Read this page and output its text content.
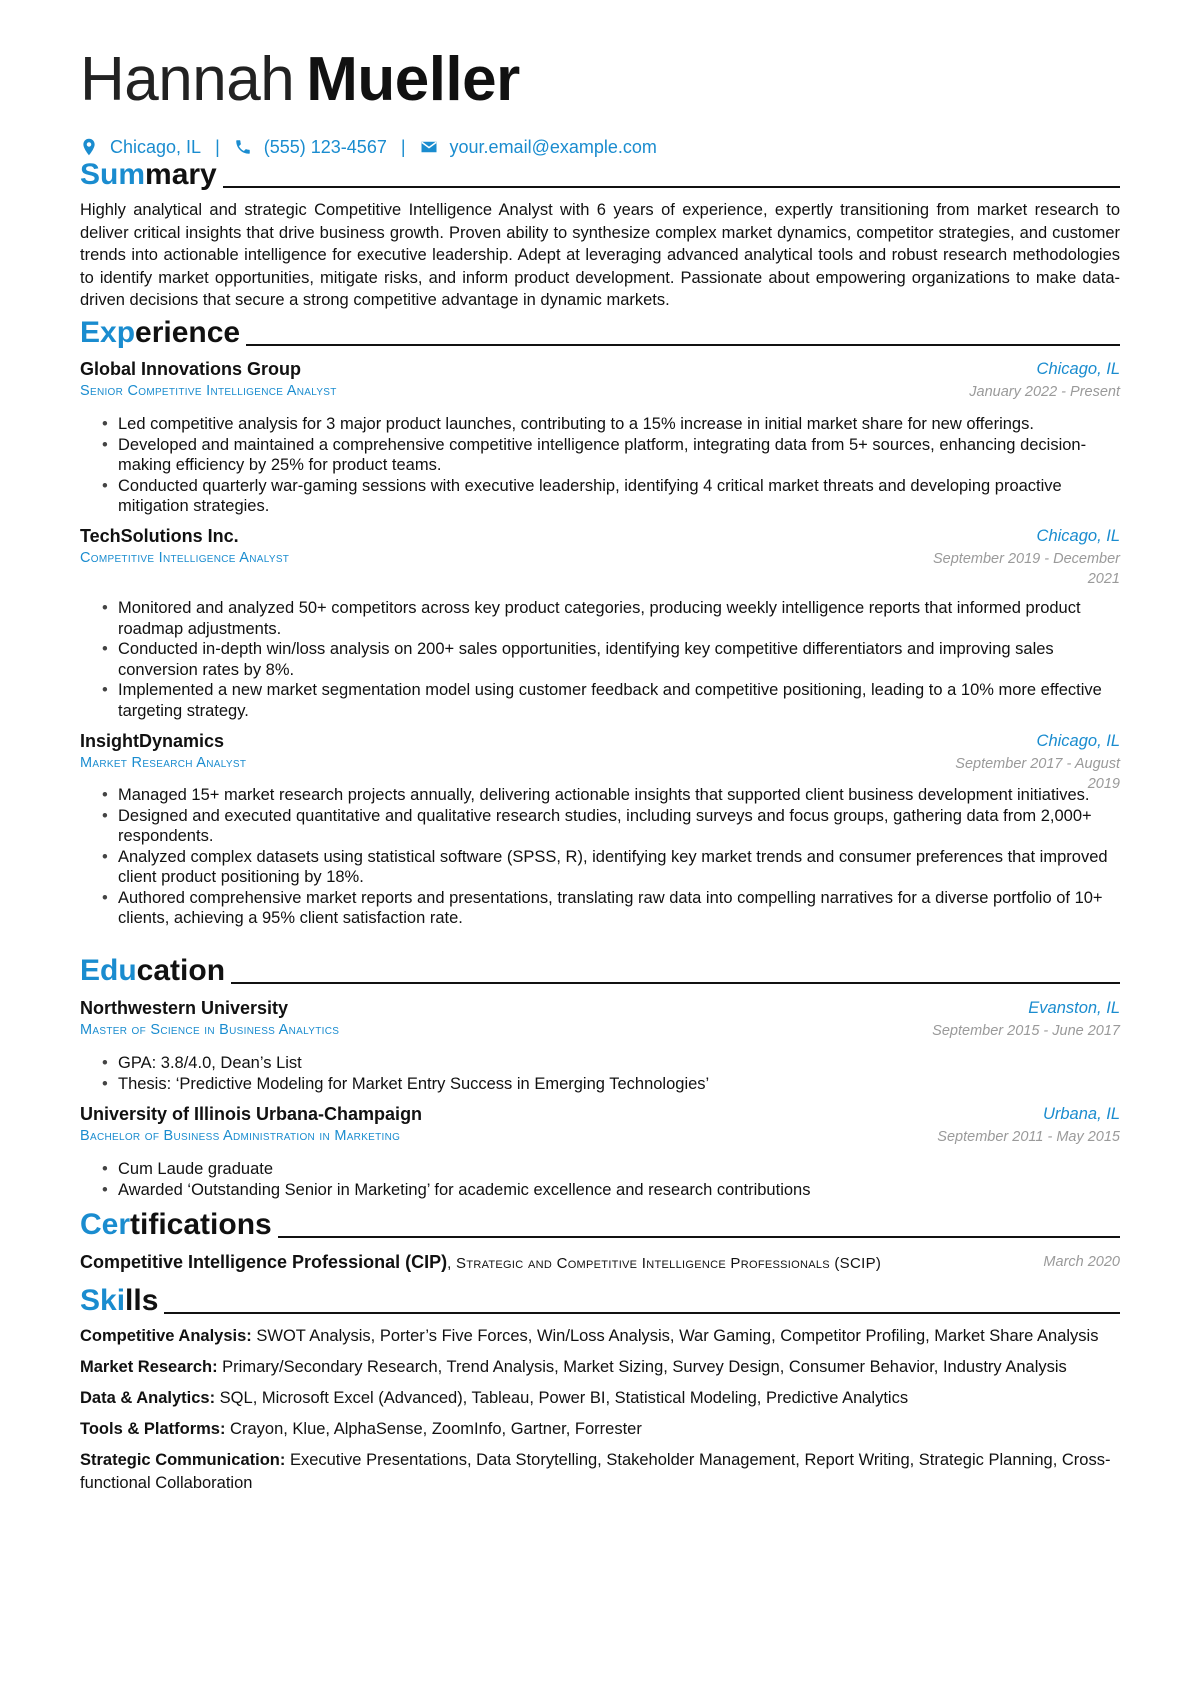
Hannah Mueller
Chicago, IL | (555) 123-4567 | your.email@example.com
Summary

Highly analytical and strategic Competitive Intelligence Analyst with 6 years of experience, expertly transitioning from market research to deliver critical insights that drive business growth. Proven ability to synthesize complex market dynamics, competitor strategies, and customer trends into actionable intelligence for executive leadership. Adept at leveraging advanced analytical tools and robust research methodologies to identify market opportunities, mitigate risks, and inform product development. Passionate about empowering organizations to make data-driven decisions that secure a strong competitive advantage in dynamic markets.

Experience
Global Innovations Group	Chicago, IL
Senior Competitive Intelligence Analyst	January 2022 - Present
• Led competitive analysis for 3 major product launches, contributing to a 15% increase in initial market share for new offerings.
• Developed and maintained a comprehensive competitive intelligence platform, integrating data from 5+ sources, enhancing decision-making efficiency by 25% for product teams.
• Conducted quarterly war-gaming sessions with executive leadership, identifying 4 critical market threats and developing proactive mitigation strategies.
TechSolutions Inc.	Chicago, IL
Competitive Intelligence Analyst	September 2019 - December 2021
• Monitored and analyzed 50+ competitors across key product categories, producing weekly intelligence reports that informed product roadmap adjustments.
• Conducted in-depth win/loss analysis on 200+ sales opportunities, identifying key competitive differentiators and improving sales conversion rates by 8%.
• Implemented a new market segmentation model using customer feedback and competitive positioning, leading to a 10% more effective targeting strategy.
InsightDynamics	Chicago, IL
Market Research Analyst	September 2017 - August 2019
• Managed 15+ market research projects annually, delivering actionable insights that supported client business development initiatives.
• Designed and executed quantitative and qualitative research studies, including surveys and focus groups, gathering data from 2,000+ respondents.
• Analyzed complex datasets using statistical software (SPSS, R), identifying key market trends and consumer preferences that improved client product positioning by 18%.
• Authored comprehensive market reports and presentations, translating raw data into compelling narratives for a diverse portfolio of 10+ clients, achieving a 95% client satisfaction rate.
Education
Northwestern University	Evanston, IL
Master of Science in Business Analytics	September 2015 - June 2017
• GPA: 3.8/4.0, Dean’s List
• Thesis: ‘Predictive Modeling for Market Entry Success in Emerging Technologies’
University of Illinois Urbana-Champaign	Urbana, IL
Bachelor of Business Administration in Marketing	September 2011 - May 2015
• Cum Laude graduate
• Awarded ‘Outstanding Senior in Marketing’ for academic excellence and research contributions
Certifications
Competitive Intelligence Professional (CIP), Strategic and Competitive Intelligence Professionals (SCIP)	March 2020
Skills
Competitive Analysis: SWOT Analysis, Porter’s Five Forces, Win/Loss Analysis, War Gaming, Competitor Profiling, Market Share Analysis
Market Research: Primary/Secondary Research, Trend Analysis, Market Sizing, Survey Design, Consumer Behavior, Industry Analysis
Data & Analytics: SQL, Microsoft Excel (Advanced), Tableau, Power BI, Statistical Modeling, Predictive Analytics
Tools & Platforms: Crayon, Klue, AlphaSense, ZoomInfo, Gartner, Forrester
Strategic Communication: Executive Presentations, Data Storytelling, Stakeholder Management, Report Writing, Strategic Planning, Cross-functional Collaboration
